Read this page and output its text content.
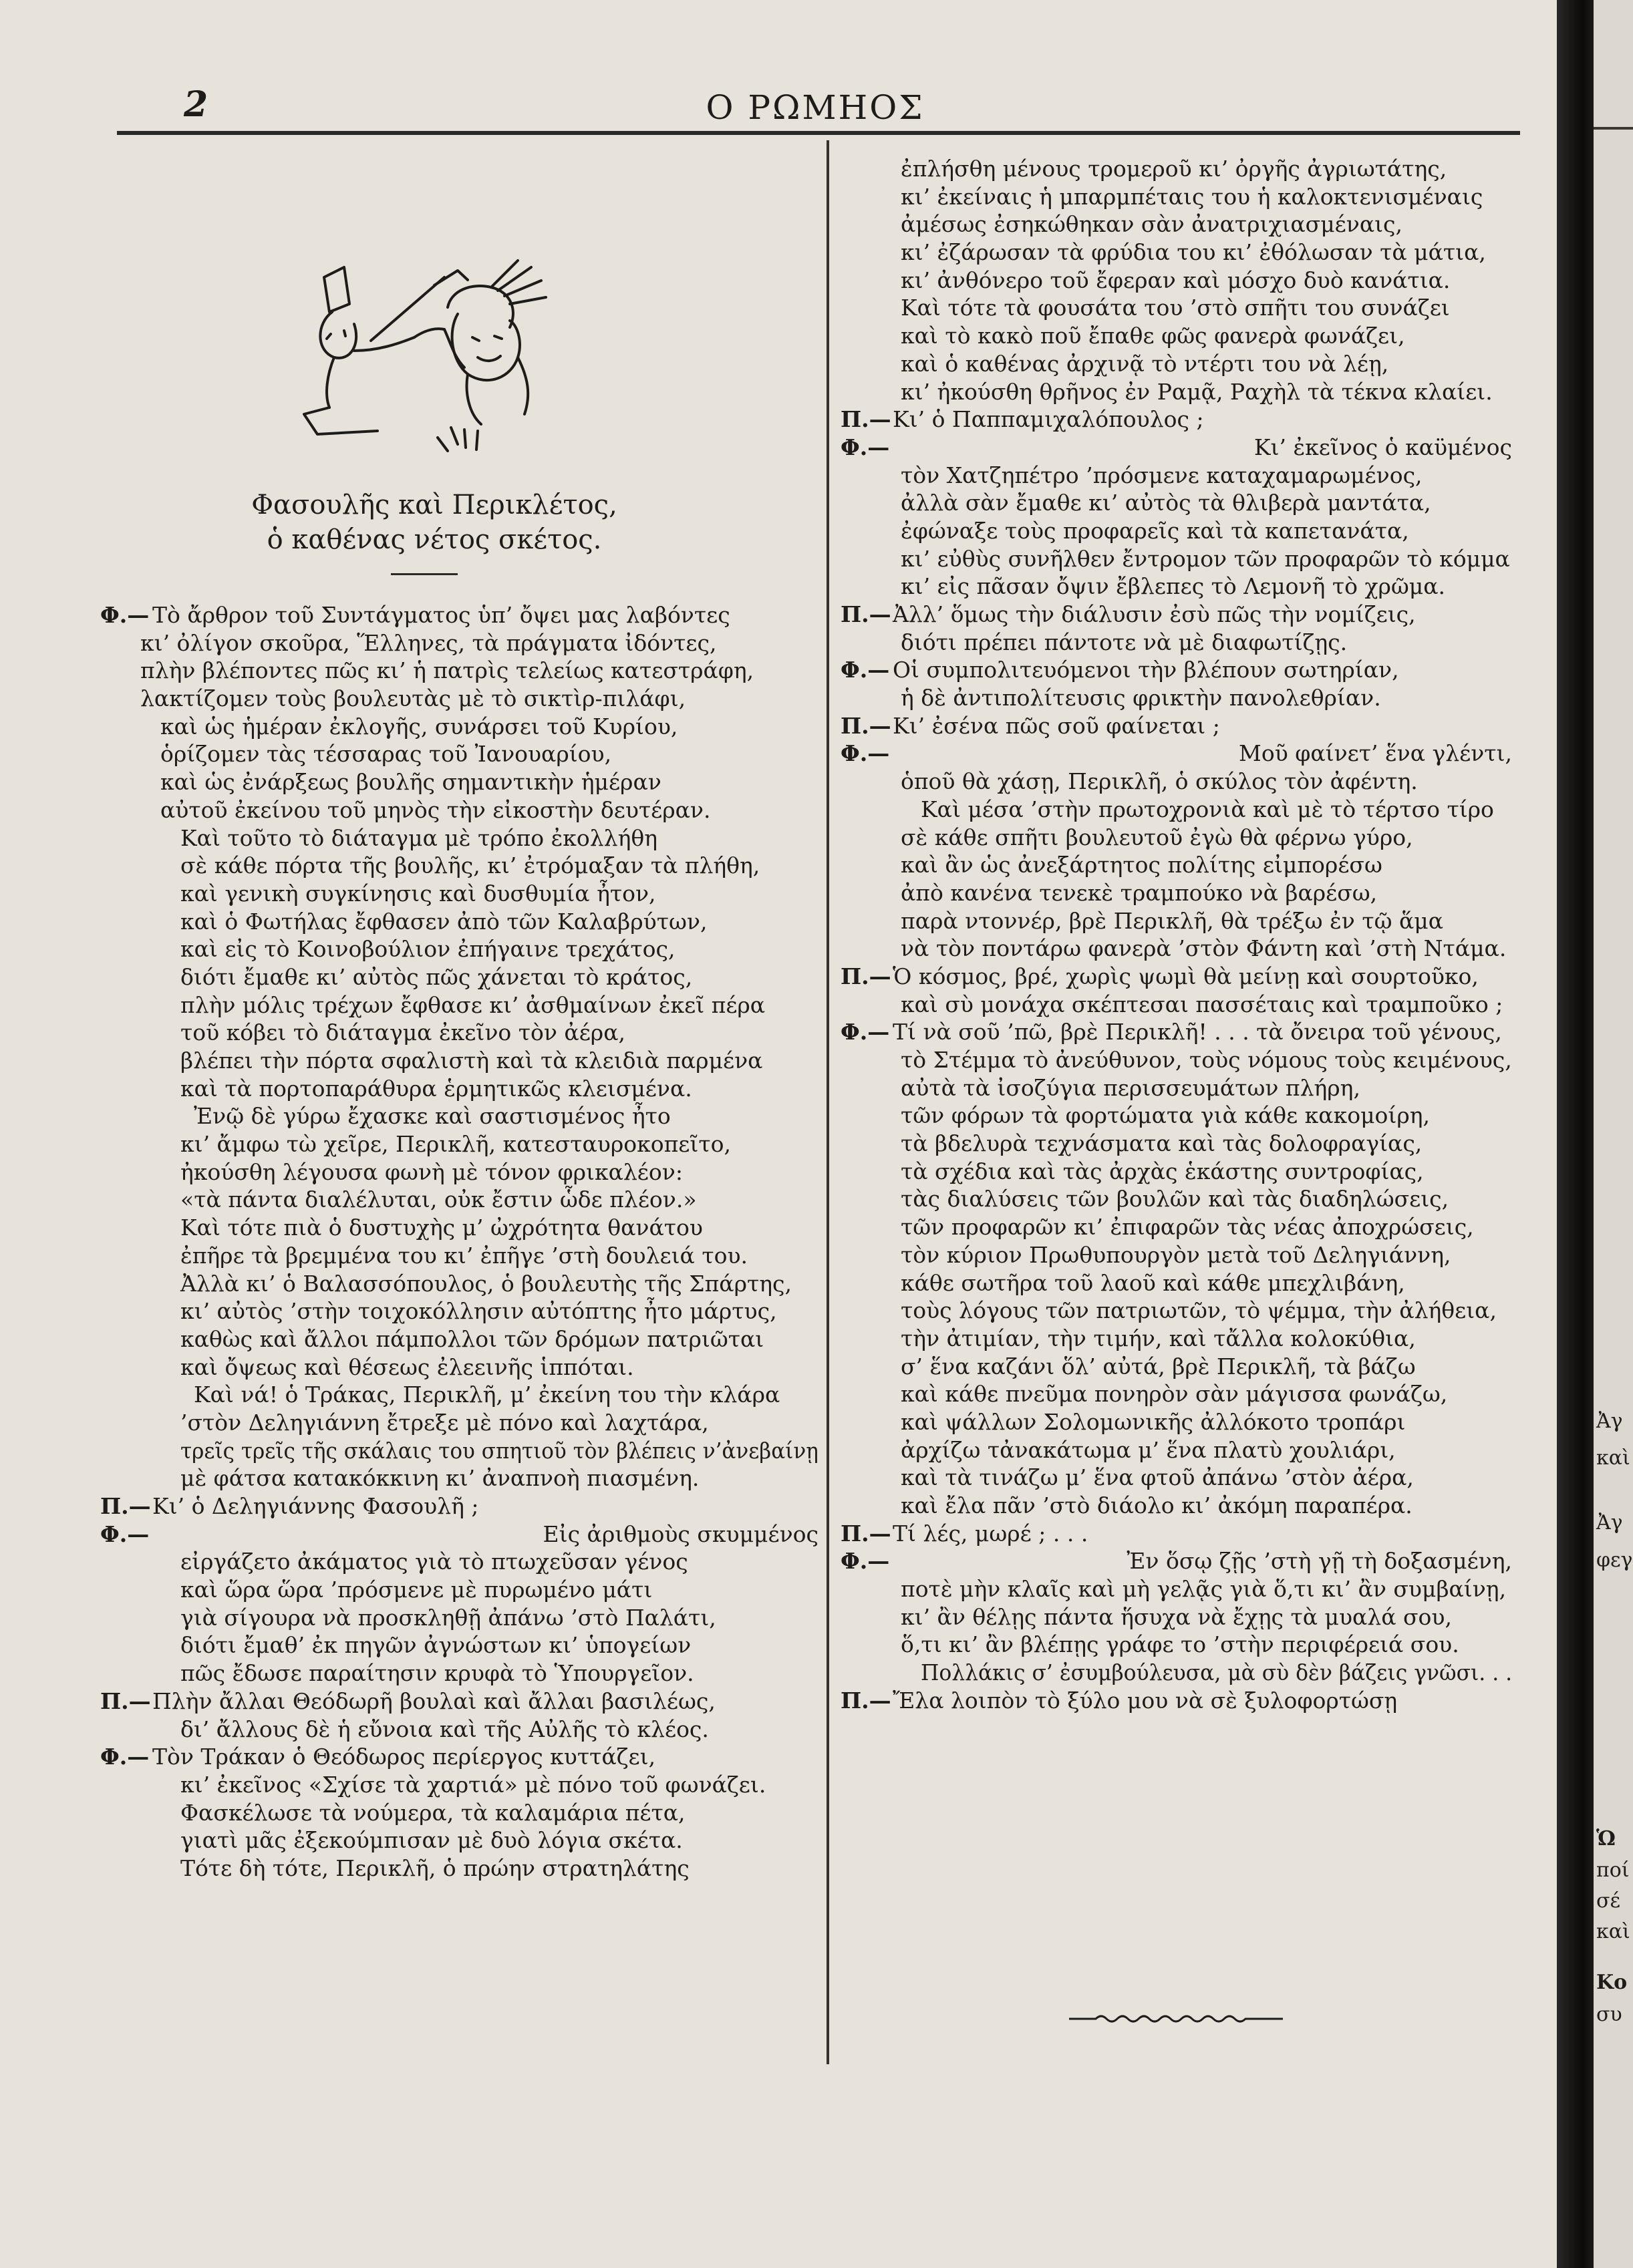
Ἀγ
καὶ
Ἀγ
φεγ
Ὡ
ποί
σέ
καὶ
Κο
συ
2	Ο ΡΩΜΗΟΣ
Φασουλῆς καὶ Περικλέτος,
ὁ καθένας νέτος σκέτος.
Φ.— Τὸ ἄρθρον τοῦ Συντάγματος ὑπ’ ὄψει μας λαβόντες
κι’ ὀλίγον σκοῦρα, Ἕλληνες, τὰ πράγματα ἰδόντες,
πλὴν βλέποντες πῶς κι’ ἡ πατρὶς τελείως κατεστράφη,
λακτίζομεν τοὺς βουλευτὰς μὲ τὸ σικτὶρ-πιλάφι,
καὶ ὡς ἡμέραν ἐκλογῆς, συνάρσει τοῦ Κυρίου,
ὁρίζομεν τὰς τέσσαρας τοῦ Ἰανουαρίου,
καὶ ὡς ἐνάρξεως βουλῆς σημαντικὴν ἡμέραν
αὐτοῦ ἐκείνου τοῦ μηνὸς τὴν εἰκοστὴν δευτέραν.
Καὶ τοῦτο τὸ διάταγμα μὲ τρόπο ἐκολλήθη
σὲ κάθε πόρτα τῆς βουλῆς, κι’ ἐτρόμαξαν τὰ πλήθη,
καὶ γενικὴ συγκίνησις καὶ δυσθυμία ἦτον,
καὶ ὁ Φωτήλας ἔφθασεν ἀπὸ τῶν Καλαβρύτων,
καὶ εἰς τὸ Κοινοβούλιον ἐπήγαινε τρεχάτος,
διότι ἔμαθε κι’ αὐτὸς πῶς χάνεται τὸ κράτος,
πλὴν μόλις τρέχων ἔφθασε κι’ ἀσθμαίνων ἐκεῖ πέρα
τοῦ κόβει τὸ διάταγμα ἐκεῖνο τὸν ἀέρα,
βλέπει τὴν πόρτα σφαλιστὴ καὶ τὰ κλειδιὰ παρμένα
καὶ τὰ πορτοπαράθυρα ἑρμητικῶς κλεισμένα.
Ἐνῷ δὲ γύρω ἔχασκε καὶ σαστισμένος ἦτο
κι’ ἄμφω τὼ χεῖρε, Περικλῆ, κατεσταυροκοπεῖτο,
ἠκούσθη λέγουσα φωνὴ μὲ τόνον φρικαλέον:
«τὰ πάντα διαλέλυται, οὐκ ἔστιν ὧδε πλέον.»
Καὶ τότε πιὰ ὁ δυστυχὴς μ’ ὠχρότητα θανάτου
ἐπῆρε τὰ βρεμμένα του κι’ ἐπῆγε ’στὴ δουλειά του.
Ἀλλὰ κι’ ὁ Βαλασσόπουλος, ὁ βουλευτὴς τῆς Σπάρτης,
κι’ αὐτὸς ’στὴν τοιχοκόλλησιν αὐτόπτης ἦτο μάρτυς,
καθὼς καὶ ἄλλοι πάμπολλοι τῶν δρόμων πατριῶται
καὶ ὄψεως καὶ θέσεως ἐλεεινῆς ἱππόται.
Καὶ νά! ὁ Τράκας, Περικλῆ, μ’ ἐκείνη του τὴν κλάρα
’στὸν Δεληγιάννη ἔτρεξε μὲ πόνο καὶ λαχτάρα,
τρεῖς τρεῖς τῆς σκάλαις του σπητιοῦ τὸν βλέπεις ν’ἀνεβαίνῃ
μὲ φάτσα κατακόκκινη κι’ ἀναπνοὴ πιασμένη.
Π.— Κι’ ὁ Δεληγιάννης Φασουλῆ ;
Φ.—	Εἰς ἀριθμοὺς σκυμμένος
εἰργάζετο ἀκάματος γιὰ τὸ πτωχεῦσαν γένος
καὶ ὥρα ὥρα ’πρόσμενε μὲ πυρωμένο μάτι
γιὰ σίγουρα νὰ προσκληθῇ ἀπάνω ’στὸ Παλάτι,
διότι ἔμαθ’ ἐκ πηγῶν ἀγνώστων κι’ ὑπογείων
πῶς ἔδωσε παραίτησιν κρυφὰ τὸ Ὑπουργεῖον.
Π.— Πλὴν ἄλλαι Θεόδωρῆ βουλαὶ καὶ ἄλλαι βασιλέως,
δι’ ἄλλους δὲ ἡ εὔνοια καὶ τῆς Αὐλῆς τὸ κλέος.
Φ.— Τὸν Τράκαν ὁ Θεόδωρος περίεργος κυττάζει,
κι’ ἐκεῖνος «Σχίσε τὰ χαρτιά» μὲ πόνο τοῦ φωνάζει.
Φασκέλωσε τὰ νούμερα, τὰ καλαμάρια πέτα,
γιατὶ μᾶς ἐξεκούμπισαν μὲ δυὸ λόγια σκέτα.
Τότε δὴ τότε, Περικλῆ, ὁ πρώην στρατηλάτης
ἐπλήσθη μένους τρομεροῦ κι’ ὀργῆς ἀγριωτάτης,
κι’ ἐκείναις ἡ μπαρμπέταις του ἡ καλοκτενισμέναις
ἀμέσως ἐσηκώθηκαν σὰν ἀνατριχιασμέναις,
κι’ ἐζάρωσαν τὰ φρύδια του κι’ ἐθόλωσαν τὰ μάτια,
κι’ ἀνθόνερο τοῦ ἔφεραν καὶ μόσχο δυὸ κανάτια.
Καὶ τότε τὰ φουσάτα του ’στὸ σπῆτι του συνάζει
καὶ τὸ κακὸ ποῦ ἔπαθε φῶς φανερὰ φωνάζει,
καὶ ὁ καθένας ἀρχινᾷ τὸ ντέρτι του νὰ λέῃ,
κι’ ἠκούσθη θρῆνος ἐν Ραμᾷ, Ραχὴλ τὰ τέκνα κλαίει.
Π.— Κι’ ὁ Παππαμιχαλόπουλος ;
Φ.—	Κι’ ἐκεῖνος ὁ καϋμένος
τὸν Χατζηπέτρο ’πρόσμενε καταχαμαρωμένος,
ἀλλὰ σὰν ἔμαθε κι’ αὐτὸς τὰ θλιβερὰ μαντάτα,
ἐφώναξε τοὺς προφαρεῖς καὶ τὰ καπετανάτα,
κι’ εὐθὺς συνῆλθεν ἔντρομον τῶν προφαρῶν τὸ κόμμα
κι’ εἰς πᾶσαν ὄψιν ἔβλεπες τὸ Λεμονῆ τὸ χρῶμα.
Π.— Ἀλλ’ ὅμως τὴν διάλυσιν ἐσὺ πῶς τὴν νομίζεις,
διότι πρέπει πάντοτε νὰ μὲ διαφωτίζῃς.
Φ.— Οἱ συμπολιτευόμενοι τὴν βλέπουν σωτηρίαν,
ἡ δὲ ἀντιπολίτευσις φρικτὴν πανολεθρίαν.
Π.— Κι’ ἐσένα πῶς σοῦ φαίνεται ;
Φ.—	Μοῦ φαίνετ’ ἕνα γλέντι,
ὁποῦ θὰ χάσῃ, Περικλῆ, ὁ σκύλος τὸν ἀφέντη.
Καὶ μέσα ’στὴν πρωτοχρονιὰ καὶ μὲ τὸ τέρτσο τίρο
σὲ κάθε σπῆτι βουλευτοῦ ἐγὼ θὰ φέρνω γύρο,
καὶ ἂν ὡς ἀνεξάρτητος πολίτης εἰμπορέσω
ἀπὸ κανένα τενεκὲ τραμπούκο νὰ βαρέσω,
παρὰ ντοννέρ, βρὲ Περικλῆ, θὰ τρέξω ἐν τῷ ἅμα
νὰ τὸν ποντάρω φανερὰ ’στὸν Φάντη καὶ ’στὴ Ντάμα.
Π.— Ὁ κόσμος, βρέ, χωρὶς ψωμὶ θὰ μείνῃ καὶ σουρτοῦκο,
καὶ σὺ μονάχα σκέπτεσαι πασσέταις καὶ τραμποῦκο ;
Φ.— Τί νὰ σοῦ ’πῶ, βρὲ Περικλῆ! . . . τὰ ὄνειρα τοῦ γένους,
τὸ Στέμμα τὸ ἀνεύθυνον, τοὺς νόμους τοὺς κειμένους,
αὐτὰ τὰ ἰσοζύγια περισσευμάτων πλήρη,
τῶν φόρων τὰ φορτώματα γιὰ κάθε κακομοίρη,
τὰ βδελυρὰ τεχνάσματα καὶ τὰς δολοφραγίας,
τὰ σχέδια καὶ τὰς ἀρχὰς ἑκάστης συντροφίας,
τὰς διαλύσεις τῶν βουλῶν καὶ τὰς διαδηλώσεις,
τῶν προφαρῶν κι’ ἐπιφαρῶν τὰς νέας ἀποχρώσεις,
τὸν κύριον Πρωθυπουργὸν μετὰ τοῦ Δεληγιάννη,
κάθε σωτῆρα τοῦ λαοῦ καὶ κάθε μπεχλιβάνη,
τοὺς λόγους τῶν πατριωτῶν, τὸ ψέμμα, τὴν ἀλήθεια,
τὴν ἀτιμίαν, τὴν τιμήν, καὶ τἄλλα κολοκύθια,
σ’ ἕνα καζάνι ὅλ’ αὐτά, βρὲ Περικλῆ, τὰ βάζω
καὶ κάθε πνεῦμα πονηρὸν σὰν μάγισσα φωνάζω,
καὶ ψάλλων Σολομωνικῆς ἀλλόκοτο τροπάρι
ἀρχίζω τἀνακάτωμα μ’ ἕνα πλατὺ χουλιάρι,
καὶ τὰ τινάζω μ’ ἕνα φτοῦ ἀπάνω ’στὸν ἀέρα,
καὶ ἔλα πᾶν ’στὸ διάολο κι’ ἀκόμη παραπέρα.
Π.— Τί λές, μωρέ ; . . .
Φ.—	Ἐν ὅσῳ ζῇς ’στὴ γῇ τὴ δοξασμένη,
ποτὲ μὴν κλαῖς καὶ μὴ γελᾷς γιὰ ὅ,τι κι’ ἂν συμβαίνῃ,
κι’ ἂν θέλῃς πάντα ἥσυχα νὰ ἔχῃς τὰ μυαλά σου,
ὅ,τι κι’ ἂν βλέπῃς γράφε το ’στὴν περιφέρειά σου.
Πολλάκις σ’ ἐσυμβούλευσα, μὰ σὺ δὲν βάζεις γνῶσι. . .
Π.— Ἔλα λοιπὸν τὸ ξύλο μου νὰ σὲ ξυλοφορτώσῃ
